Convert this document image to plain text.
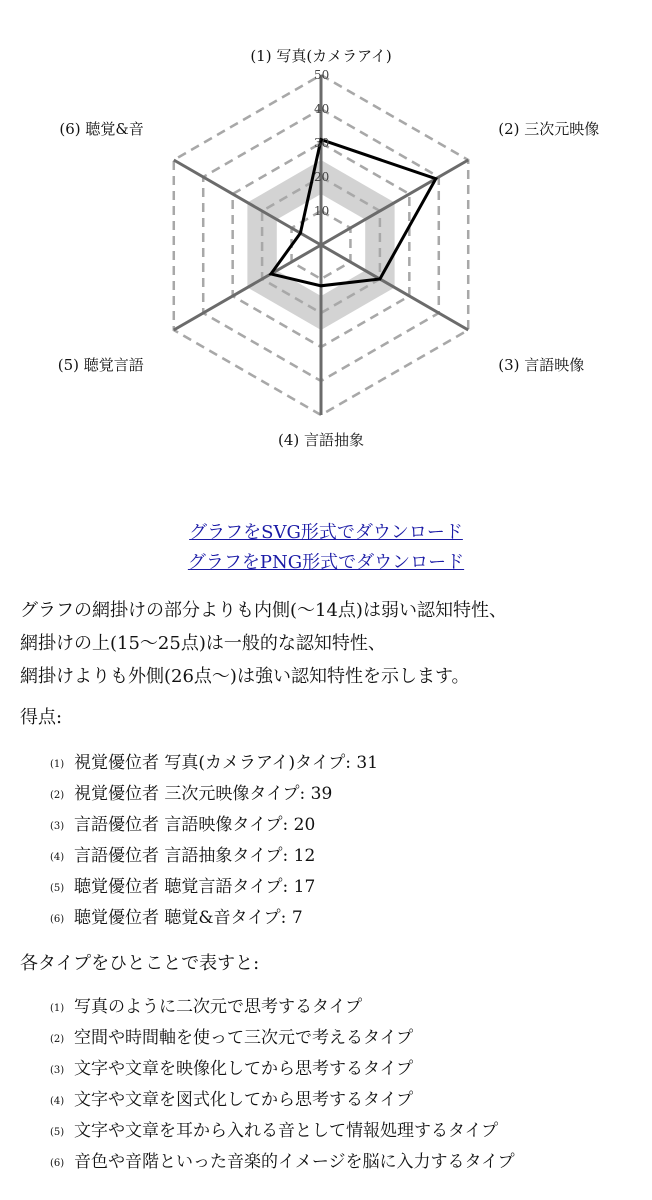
10
20
30
40
50
(1) 写真(カメラアイ)
(2) 三次元映像
(3) 言語映像
(4) 言語抽象
(5) 聴覚言語
(6) 聴覚&音
グラフをSVG形式でダウンロード
グラフをPNG形式でダウンロード

グラフの網掛けの部分よりも内側(～14点)は弱い認知特性、

網掛けの上(15～25点)は一般的な認知特性、

網掛けよりも外側(26点～)は強い認知特性を示します。

得点:

(1) 視覚優位者 写真(カメラアイ)タイプ: 31
(2) 視覚優位者 三次元映像タイプ: 39
(3) 言語優位者 言語映像タイプ: 20
(4) 言語優位者 言語抽象タイプ: 12
(5) 聴覚優位者 聴覚言語タイプ: 17
(6) 聴覚優位者 聴覚&音タイプ: 7

各タイプをひとことで表すと:

(1) 写真のように二次元で思考するタイプ
(2) 空間や時間軸を使って三次元で考えるタイプ
(3) 文字や文章を映像化してから思考するタイプ
(4) 文字や文章を図式化してから思考するタイプ
(5) 文字や文章を耳から入れる音として情報処理するタイプ
(6) 音色や音階といった音楽的イメージを脳に入力するタイプ
